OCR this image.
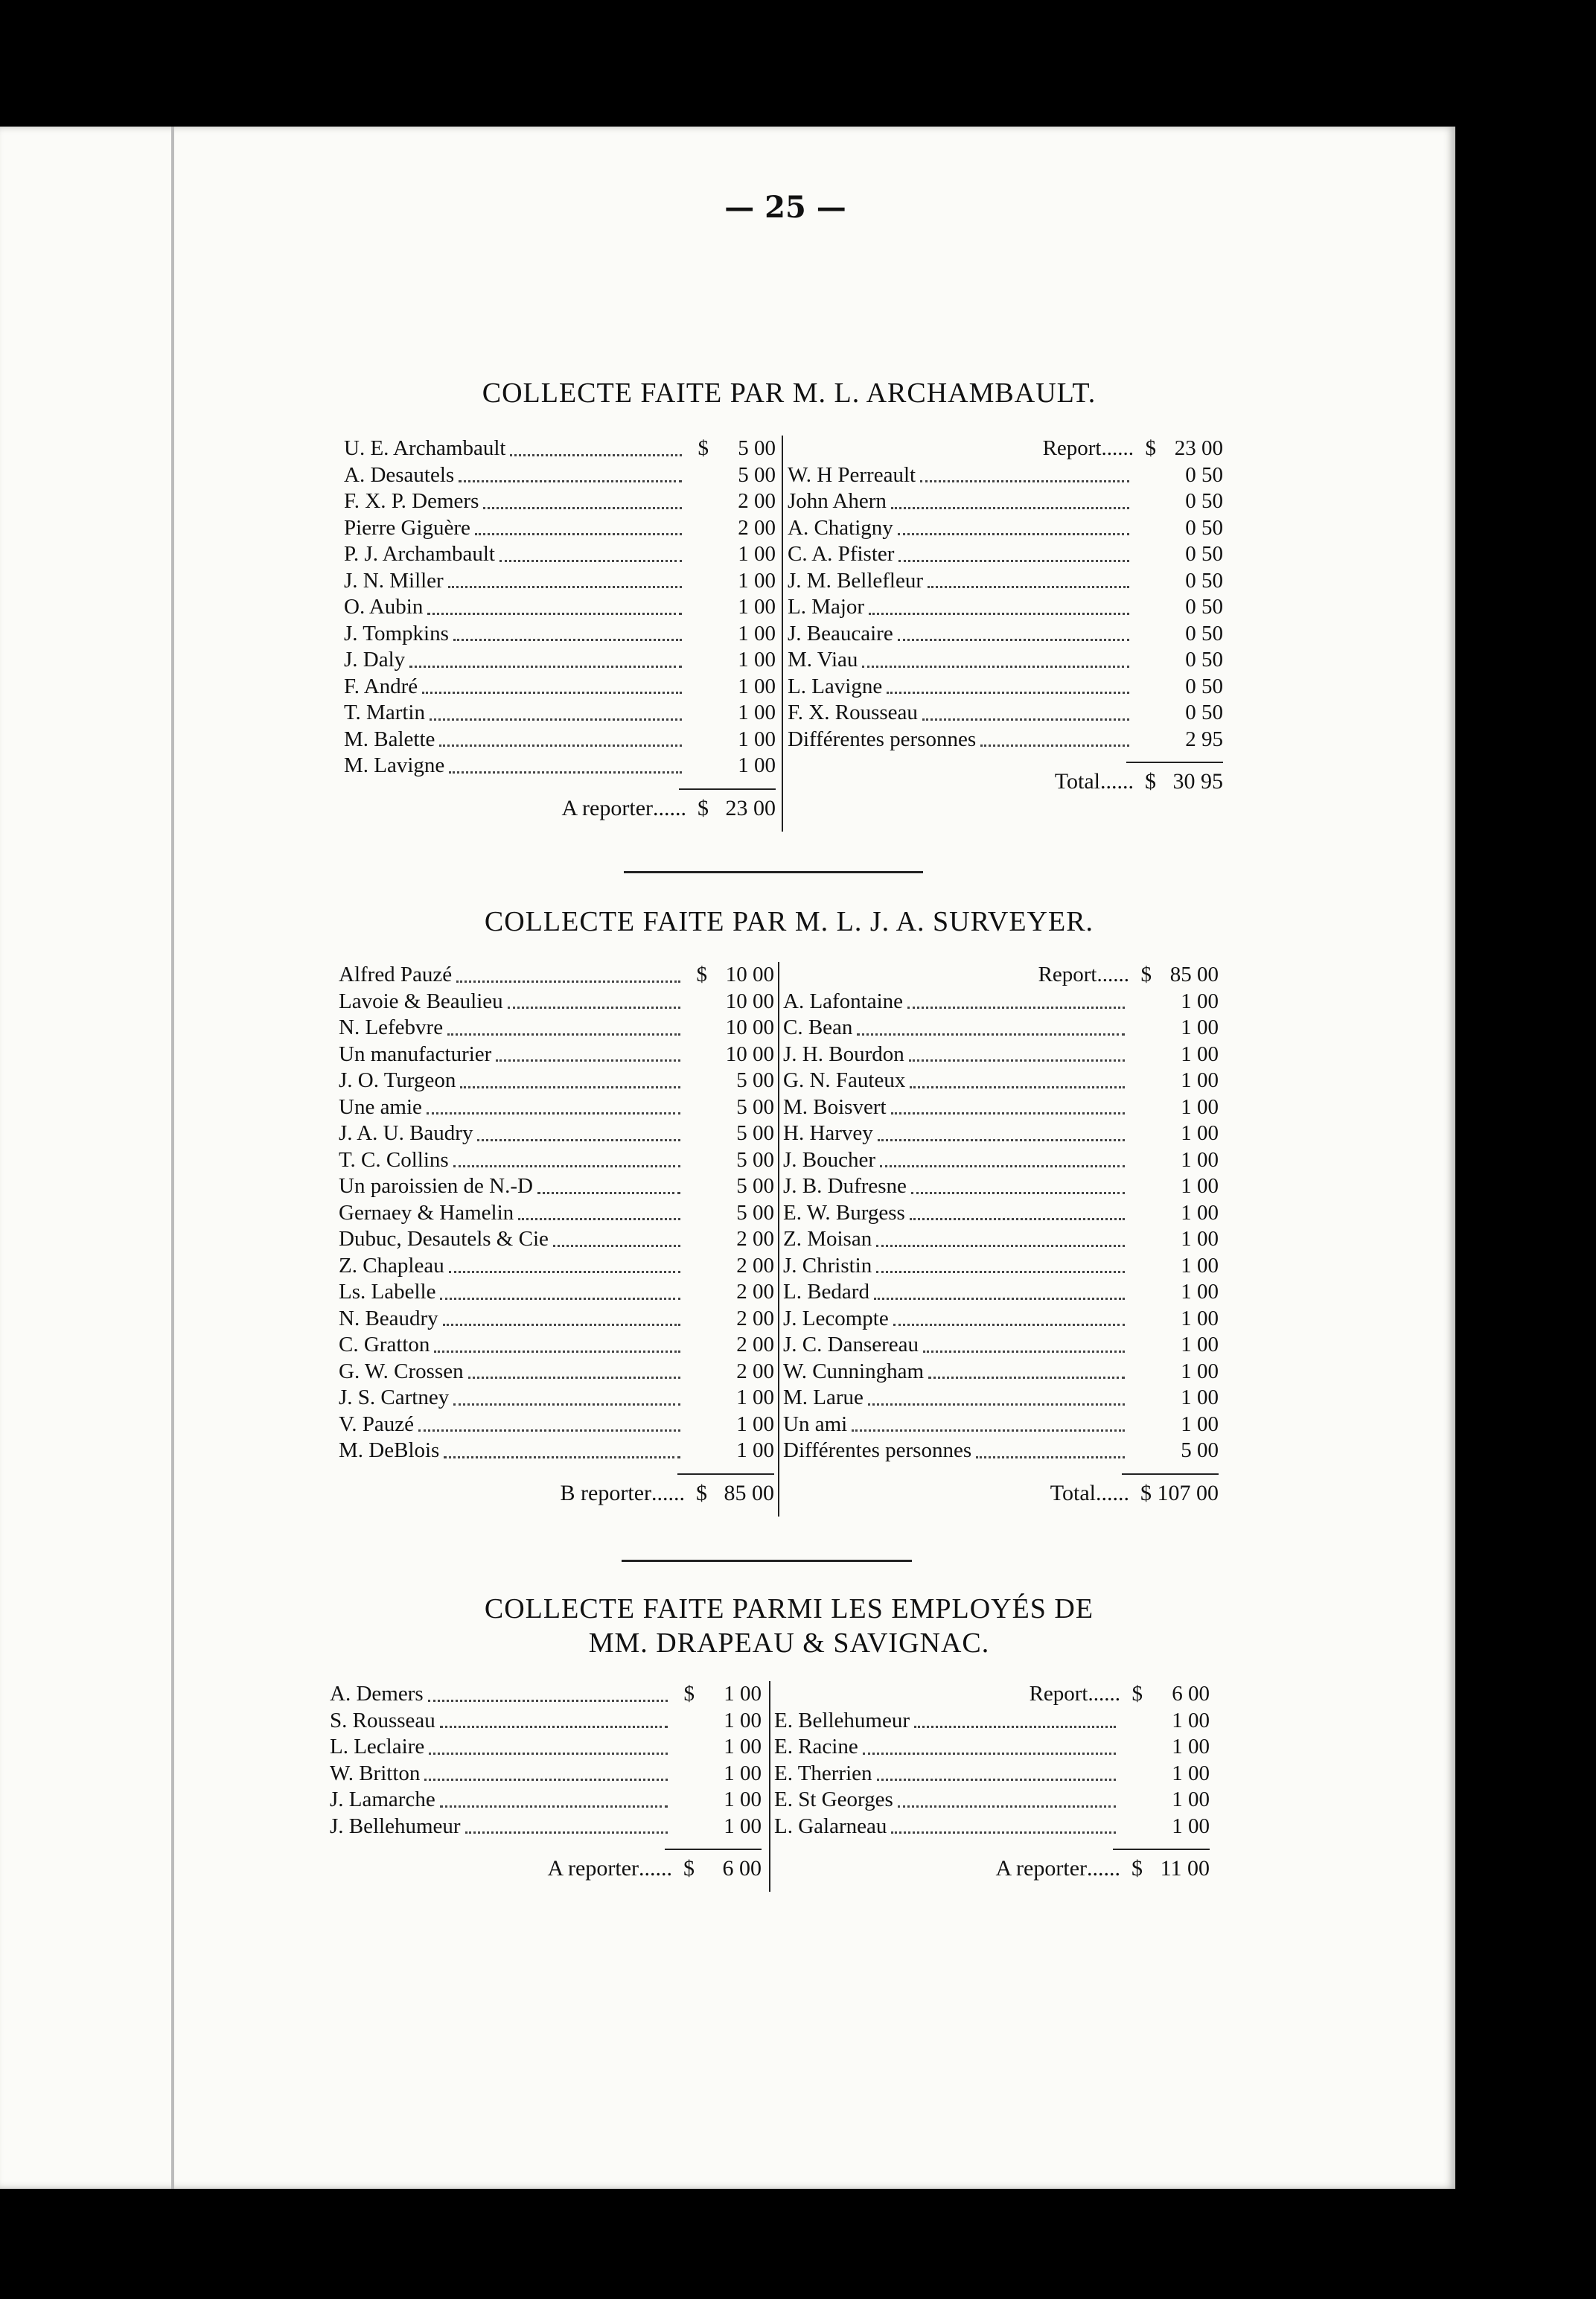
— 25 —
COLLECTE FAITE PAR M. L. ARCHAMBAULT.
U. E. Archambault	$	5 00
A. Desautels	5 00
F. X. P. Demers	2 00
Pierre Giguère	2 00
P. J. Archambault	1 00
J. N. Miller	1 00
O. Aubin	1 00
J. Tompkins	1 00
J. Daly	1 00
F. André	1 00
T. Martin	1 00
M. Balette	1 00
M. Lavigne	1 00
Report ...... $ 23 00
W. H Perreault	0 50
John Ahern	0 50
A. Chatigny	0 50
C. A. Pfister	0 50
J. M. Bellefleur	0 50
L. Major	0 50
J. Beaucaire	0 50
M. Viau	0 50
L. Lavigne	0 50
F. X. Rousseau	0 50
Différentes personnes	2 95
A reporter ...... $ 23 00
Total ...... $ 30 95
COLLECTE FAITE PAR M. L. J. A. SURVEYER.
Alfred Pauzé	$ 10 00
Lavoie & Beaulieu	10 00
N. Lefebvre	10 00
Un manufacturier	10 00
J. O. Turgeon	5 00
Une amie	5 00
J. A. U. Baudry	5 00
T. C. Collins	5 00
Un paroissien de N.-D	5 00
Gernaey & Hamelin	5 00
Dubuc, Desautels & Cie	2 00
Z. Chapleau	2 00
Ls. Labelle	2 00
N. Beaudry	2 00
C. Gratton	2 00
G. W. Crossen	2 00
J. S. Cartney	1 00
V. Pauzé	1 00
M. DeBlois	1 00
Report ...... $ 85 00
A. Lafontaine	1 00
C. Bean	1 00
J. H. Bourdon	1 00
G. N. Fauteux	1 00
M. Boisvert	1 00
H. Harvey	1 00
J. Boucher	1 00
J. B. Dufresne	1 00
E. W. Burgess	1 00
Z. Moisan	1 00
J. Christin	1 00
L. Bedard	1 00
J. Lecompte	1 00
J. C. Dansereau	1 00
W. Cunningham	1 00
M. Larue	1 00
Un ami	1 00
Différentes personnes	5 00
B reporter ...... $ 85 00	Total ...... $ 107 00
COLLECTE FAITE PARMI LES EMPLOYÉS DE
MM. DRAPEAU & SAVIGNAC.
A. Demers	$	1 00
S. Rousseau	1 00
L. Leclaire	1 00
W. Britton	1 00
J. Lamarche	1 00
J. Bellehumeur	1 00
Report ...... $	6 00
E. Bellehumeur	1 00
E. Racine	1 00
E. Therrien	1 00
E. St Georges	1 00
L. Galarneau	1 00
A reporter ...... $	6 00	A reporter ...... $ 11 00
